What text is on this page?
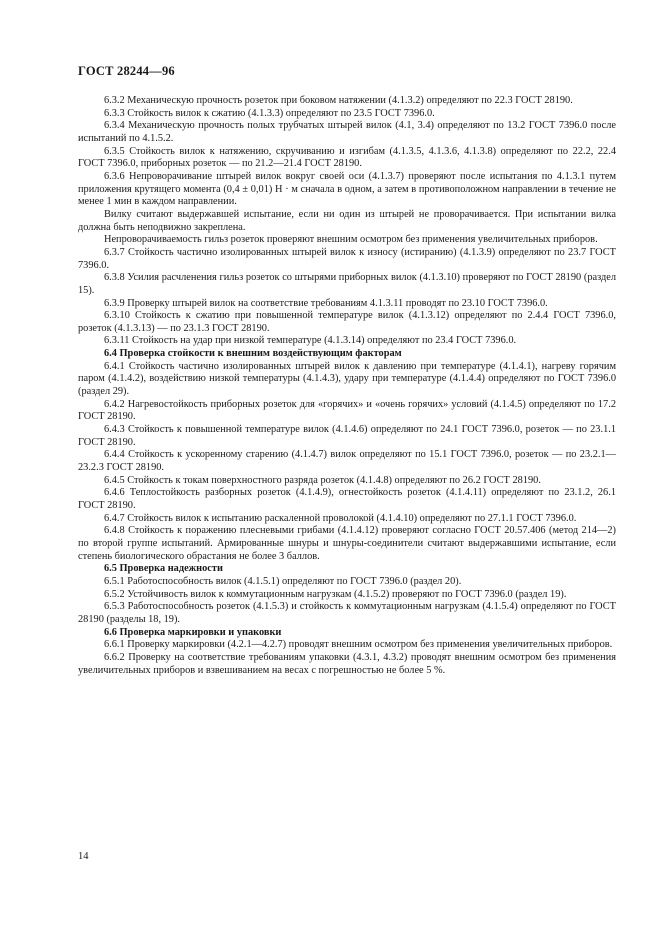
ГОСТ 28244—96

6.3.2 Механическую прочность розеток при боковом натяжении (4.1.3.2) определяют по 22.3 ГОСТ 28190.

6.3.3 Стойкость вилок к сжатию (4.1.3.3) определяют по 23.5 ГОСТ 7396.0.

6.3.4 Механическую прочность полых трубчатых штырей вилок (4.1, 3.4) определяют по 13.2 ГОСТ 7396.0 после испытаний по 4.1.5.2.

6.3.5 Стойкость вилок к натяжению, скручиванию и изгибам (4.1.3.5, 4.1.3.6, 4.1.3.8) определяют по 22.2, 22.4 ГОСТ 7396.0, приборных розеток — по 21.2—21.4 ГОСТ 28190.

6.3.6 Непроворачивание штырей вилок вокруг своей оси (4.1.3.7) проверяют после испытания по 4.1.3.1 путем приложения крутящего момента (0,4 ± 0,01) Н · м сначала в одном, а затем в противоположном направлении в течение не менее 1 мин в каждом направлении.

Вилку считают выдержавшей испытание, если ни один из штырей не проворачивается. При испытании вилка должна быть неподвижно закреплена.

Непроворачиваемость гильз розеток проверяют внешним осмотром без применения увеличительных приборов.

6.3.7 Стойкость частично изолированных штырей вилок к износу (истиранию) (4.1.3.9) определяют по 23.7 ГОСТ 7396.0.

6.3.8 Усилия расчленения гильз розеток со штырями приборных вилок (4.1.3.10) проверяют по ГОСТ 28190 (раздел 15).

6.3.9 Проверку штырей вилок на соответствие требованиям 4.1.3.11 проводят по 23.10 ГОСТ 7396.0.

6.3.10 Стойкость к сжатию при повышенной температуре вилок (4.1.3.12) определяют по 2.4.4 ГОСТ 7396.0, розеток (4.1.3.13) — по 23.1.3 ГОСТ 28190.

6.3.11 Стойкость на удар при низкой температуре (4.1.3.14) определяют по 23.4 ГОСТ 7396.0.

6.4 Проверка стойкости к внешним воздействующим факторам

6.4.1 Стойкость частично изолированных штырей вилок к давлению при температуре (4.1.4.1), нагреву горячим паром (4.1.4.2), воздействию низкой температуры (4.1.4.3), удару при температуре (4.1.4.4) определяют по ГОСТ 7396.0 (раздел 29).

6.4.2 Нагревостойкость приборных розеток для «горячих» и «очень горячих» условий (4.1.4.5) определяют по 17.2 ГОСТ 28190.

6.4.3 Стойкость к повышенной температуре вилок (4.1.4.6) определяют по 24.1 ГОСТ 7396.0, розеток — по 23.1.1 ГОСТ 28190.

6.4.4 Стойкость к ускоренному старению (4.1.4.7) вилок определяют по 15.1 ГОСТ 7396.0, розеток — по 23.2.1—23.2.3 ГОСТ 28190.

6.4.5 Стойкость к токам поверхностного разряда розеток (4.1.4.8) определяют по 26.2 ГОСТ 28190.

6.4.6 Теплостойкость разборных розеток (4.1.4.9), огнестойкость розеток (4.1.4.11) определяют по 23.1.2, 26.1 ГОСТ 28190.

6.4.7 Стойкость вилок к испытанию раскаленной проволокой (4.1.4.10) определяют по 27.1.1 ГОСТ 7396.0.

6.4.8 Стойкость к поражению плесневыми грибами (4.1.4.12) проверяют согласно ГОСТ 20.57.406 (метод 214—2) по второй группе испытаний. Армированные шнуры и шнуры-соединители считают выдержавшими испытание, если степень биологического обрастания не более 3 баллов.

6.5 Проверка надежности

6.5.1 Работоспособность вилок (4.1.5.1) определяют по ГОСТ 7396.0 (раздел 20).

6.5.2 Устойчивость вилок к коммутационным нагрузкам (4.1.5.2) проверяют по ГОСТ 7396.0 (раздел 19).

6.5.3 Работоспособность розеток (4.1.5.3) и стойкость к коммутационным нагрузкам (4.1.5.4) определяют по ГОСТ 28190 (разделы 18, 19).

6.6 Проверка маркировки и упаковки

6.6.1 Проверку маркировки (4.2.1—4.2.7) проводят внешним осмотром без применения увеличительных приборов.

6.6.2 Проверку на соответствие требованиям упаковки (4.3.1, 4.3.2) проводят внешним осмотром без применения увеличительных приборов и взвешиванием на весах с погрешностью не более 5 %.

14
